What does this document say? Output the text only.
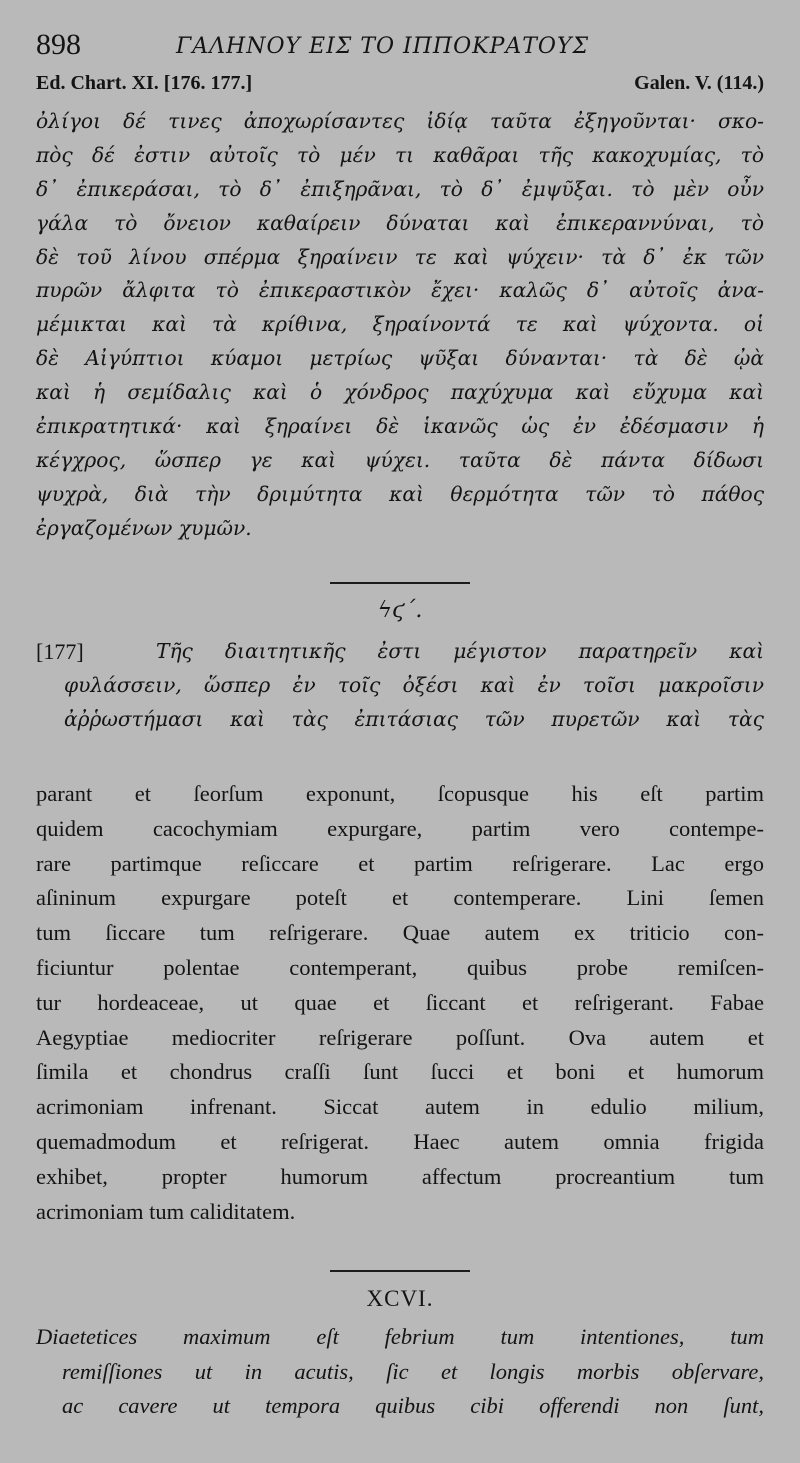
898	ΓΑΛΗΝΟΥ ΕΙΣ ΤΟ ΙΠΠΟΚΡΑΤΟΥΣ
Ed. Chart. XI. [176. 177.]	Galen. V. (114.)
ὀλίγοι δέ τινες ἀποχωρίσαντες ἰδίᾳ ταῦτα ἐξηγοῦνται· σκο-
πὸς δέ ἐστιν αὐτοῖς τὸ μέν τι καθᾶραι τῆς κακοχυμίας, τὸ
δ᾽ ἐπικεράσαι, τὸ δ᾽ ἐπιξηρᾶναι, τὸ δ᾽ ἐμψῦξαι. τὸ μὲν οὖν
γάλα τὸ ὄνειον καθαίρειν δύναται καὶ ἐπικεραννύναι, τὸ
δὲ τοῦ λίνου σπέρμα ξηραίνειν τε καὶ ψύχειν· τὰ δ᾽ ἐκ τῶν
πυρῶν ἄλφιτα τὸ ἐπικεραστικὸν ἔχει· καλῶς δ᾽ αὐτοῖς ἀνα-
μέμικται καὶ τὰ κρίθινα, ξηραίνοντά τε καὶ ψύχοντα. οἱ
δὲ Αἰγύπτιοι κύαμοι μετρίως ψῦξαι δύνανται· τὰ δὲ ᾠὰ
καὶ ἡ σεμίδαλις καὶ ὁ χόνδρος παχύχυμα καὶ εὔχυμα καὶ
ἐπικρατητικά· καὶ ξηραίνει δὲ ἱκανῶς ὡς ἐν ἐδέσμασιν ἡ
κέγχρος, ὥσπερ γε καὶ ψύχει. ταῦτα δὲ πάντα δίδωσι
ψυχρὰ, διὰ τὴν δριμύτητα καὶ θερμότητα τῶν τὸ πάθος
ἐργαζομένων χυμῶν.
ϟϛ´.
[177]	Τῆς διαιτητικῆς ἐστι μέγιστον παρατηρεῖν καὶ
φυλάσσειν, ὥσπερ ἐν τοῖς ὀξέσι καὶ ἐν τοῖσι μακροῖσιν
ἀῤῥωστήμασι καὶ τὰς ἐπιτάσιας τῶν πυρετῶν καὶ τὰς
parant et ſeorſum exponunt, ſcopusque his eſt partim
quidem cacochymiam expurgare, partim vero contempe-
rare partimque reſiccare et partim reſrigerare. Lac ergo
aſininum expurgare poteſt et contemperare. Lini ſemen
tum ſiccare tum reſrigerare. Quae autem ex triticio con-
ficiuntur polentae contemperant, quibus probe remiſcen-
tur hordeaceae, ut quae et ſiccant et reſrigerant. Fabae
Aegyptiae mediocriter reſrigerare poſſunt. Ova autem et
ſimila et chondrus craſſi ſunt ſucci et boni et humorum
acrimoniam infrenant. Siccat autem in edulio milium,
quemadmodum et reſrigerat. Haec autem omnia frigida
exhibet, propter humorum affectum procreantium tum
acrimoniam tum caliditatem.
XCVI.
Diaetetices maximum eſt febrium tum intentiones, tum
remiſſiones ut in acutis, ſic et longis morbis obſervare,
ac cavere ut tempora quibus cibi offerendi non ſunt,
